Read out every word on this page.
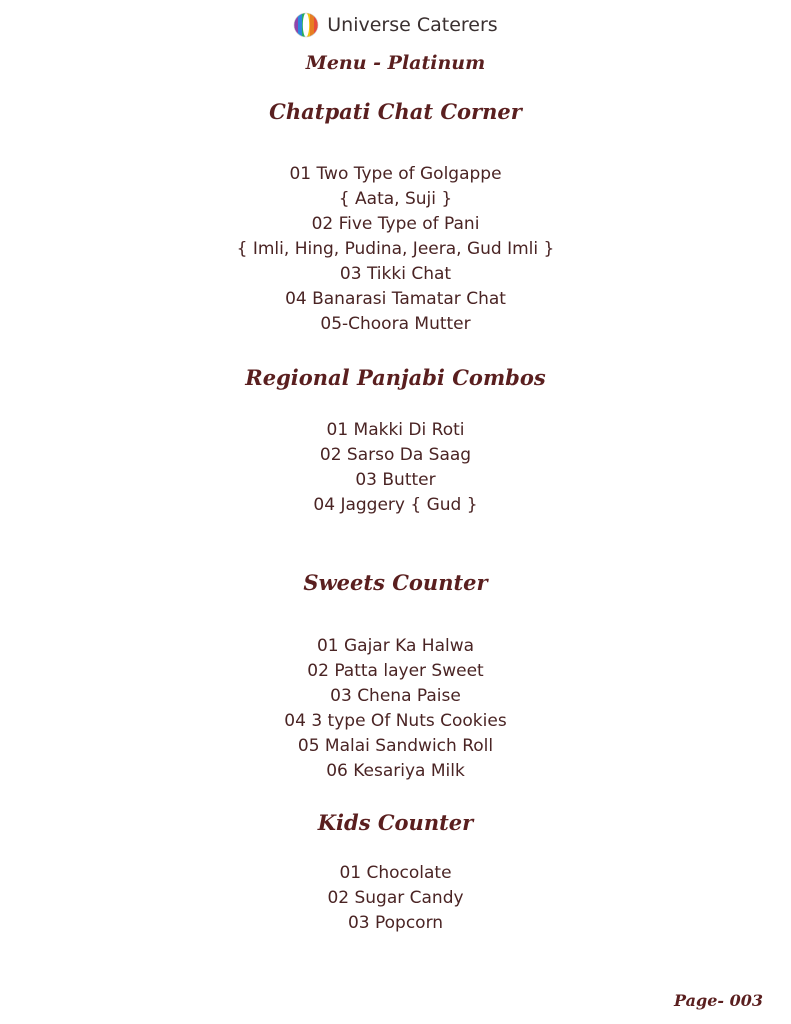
Universe Caterers
Menu - Platinum
Chatpati Chat Corner
01 Two Type of Golgappe
{ Aata, Suji }
02 Five Type of Pani
{ Imli, Hing, Pudina, Jeera, Gud Imli }
03 Tikki Chat
04 Banarasi Tamatar Chat
05-Choora Mutter
Regional Panjabi Combos
01 Makki Di Roti
02 Sarso Da Saag
03 Butter
04 Jaggery { Gud }
Sweets Counter
01 Gajar Ka Halwa
02 Patta layer Sweet
03 Chena Paise
04 3 type Of Nuts Cookies
05 Malai Sandwich Roll
06 Kesariya Milk
Kids Counter
01 Chocolate
02 Sugar Candy
03 Popcorn
Page- 003
